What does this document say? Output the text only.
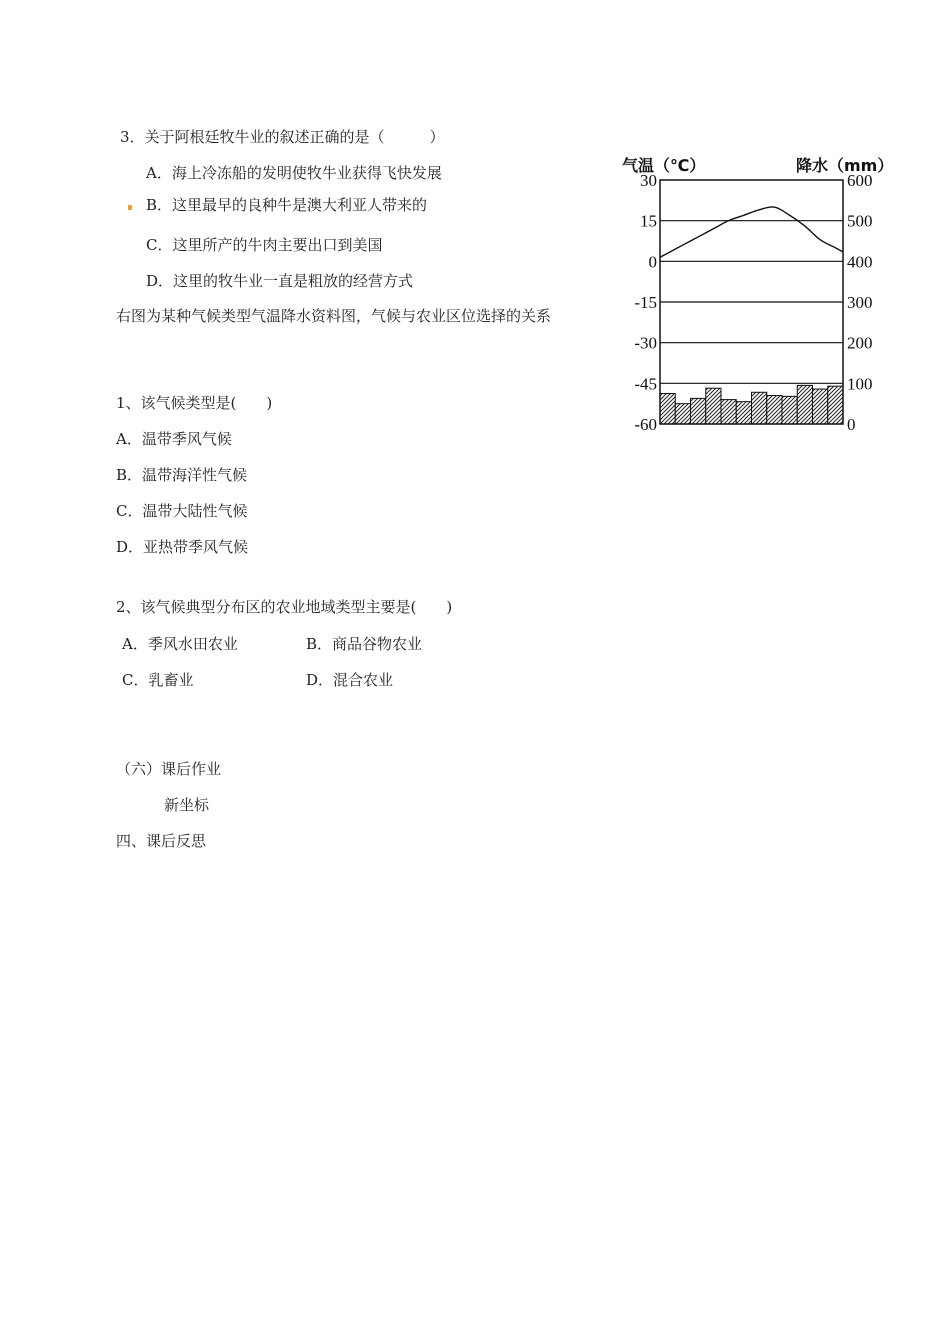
3．关于阿根廷牧牛业的叙述正确的是（　　　）
A．海上冷冻船的发明使牧牛业获得飞快发展
B．这里最早的良种牛是澳大利亚人带来的
C．这里所产的牛肉主要出口到美国
D．这里的牧牛业一直是粗放的经营方式
右图为某种气候类型气温降水资料图，气候与农业区位选择的关系
1、该气候类型是(　　)
A．温带季风气候
B．温带海洋性气候
C．温带大陆性气候
D．亚热带季风气候
2、该气候典型分布区的农业地域类型主要是(　　)
A．季风水田农业	B．商品谷物农业
C．乳畜业	D．混合农业
（六）课后作业
新坐标
四、课后反思
气温（℃）	降水（mm）
30
15
0
-15
-30
-45
-60
600
500
400
300
200
100
0
